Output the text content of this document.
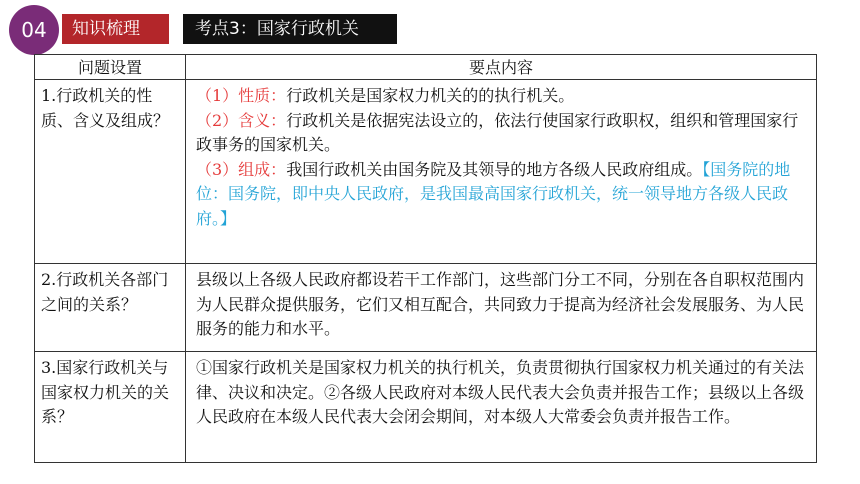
04	知识梳理	考点3：国家行政机关
问题设置	要点内容
1.行政机关的性质、含义及组成？	（1）性质：行政机关是国家权力机关的的执行机关。
（2）含义：行政机关是依据宪法设立的，依法行使国家行政职权，组织和管理国家行政事务的国家机关。
（3）组成：我国行政机关由国务院及其领导的地方各级人民政府组成。【国务院的地位：国务院，即中央人民政府，是我国最高国家行政机关，统一领导地方各级人民政府。】

2.行政机关各部门之间的关系？	县级以上各级人民政府都设若干工作部门，这些部门分工不同，分别在各自职权范围内为人民群众提供服务，它们又相互配合，共同致力于提高为经济社会发展服务、为人民服务的能力和水平。
3.国家行政机关与国家权力机关的关系？	①国家行政机关是国家权力机关的执行机关，负责贯彻执行国家权力机关通过的有关法律、决议和决定。②各级人民政府对本级人民代表大会负责并报告工作；县级以上各级人民政府在本级人民代表大会闭会期间，对本级人大常委会负责并报告工作。
